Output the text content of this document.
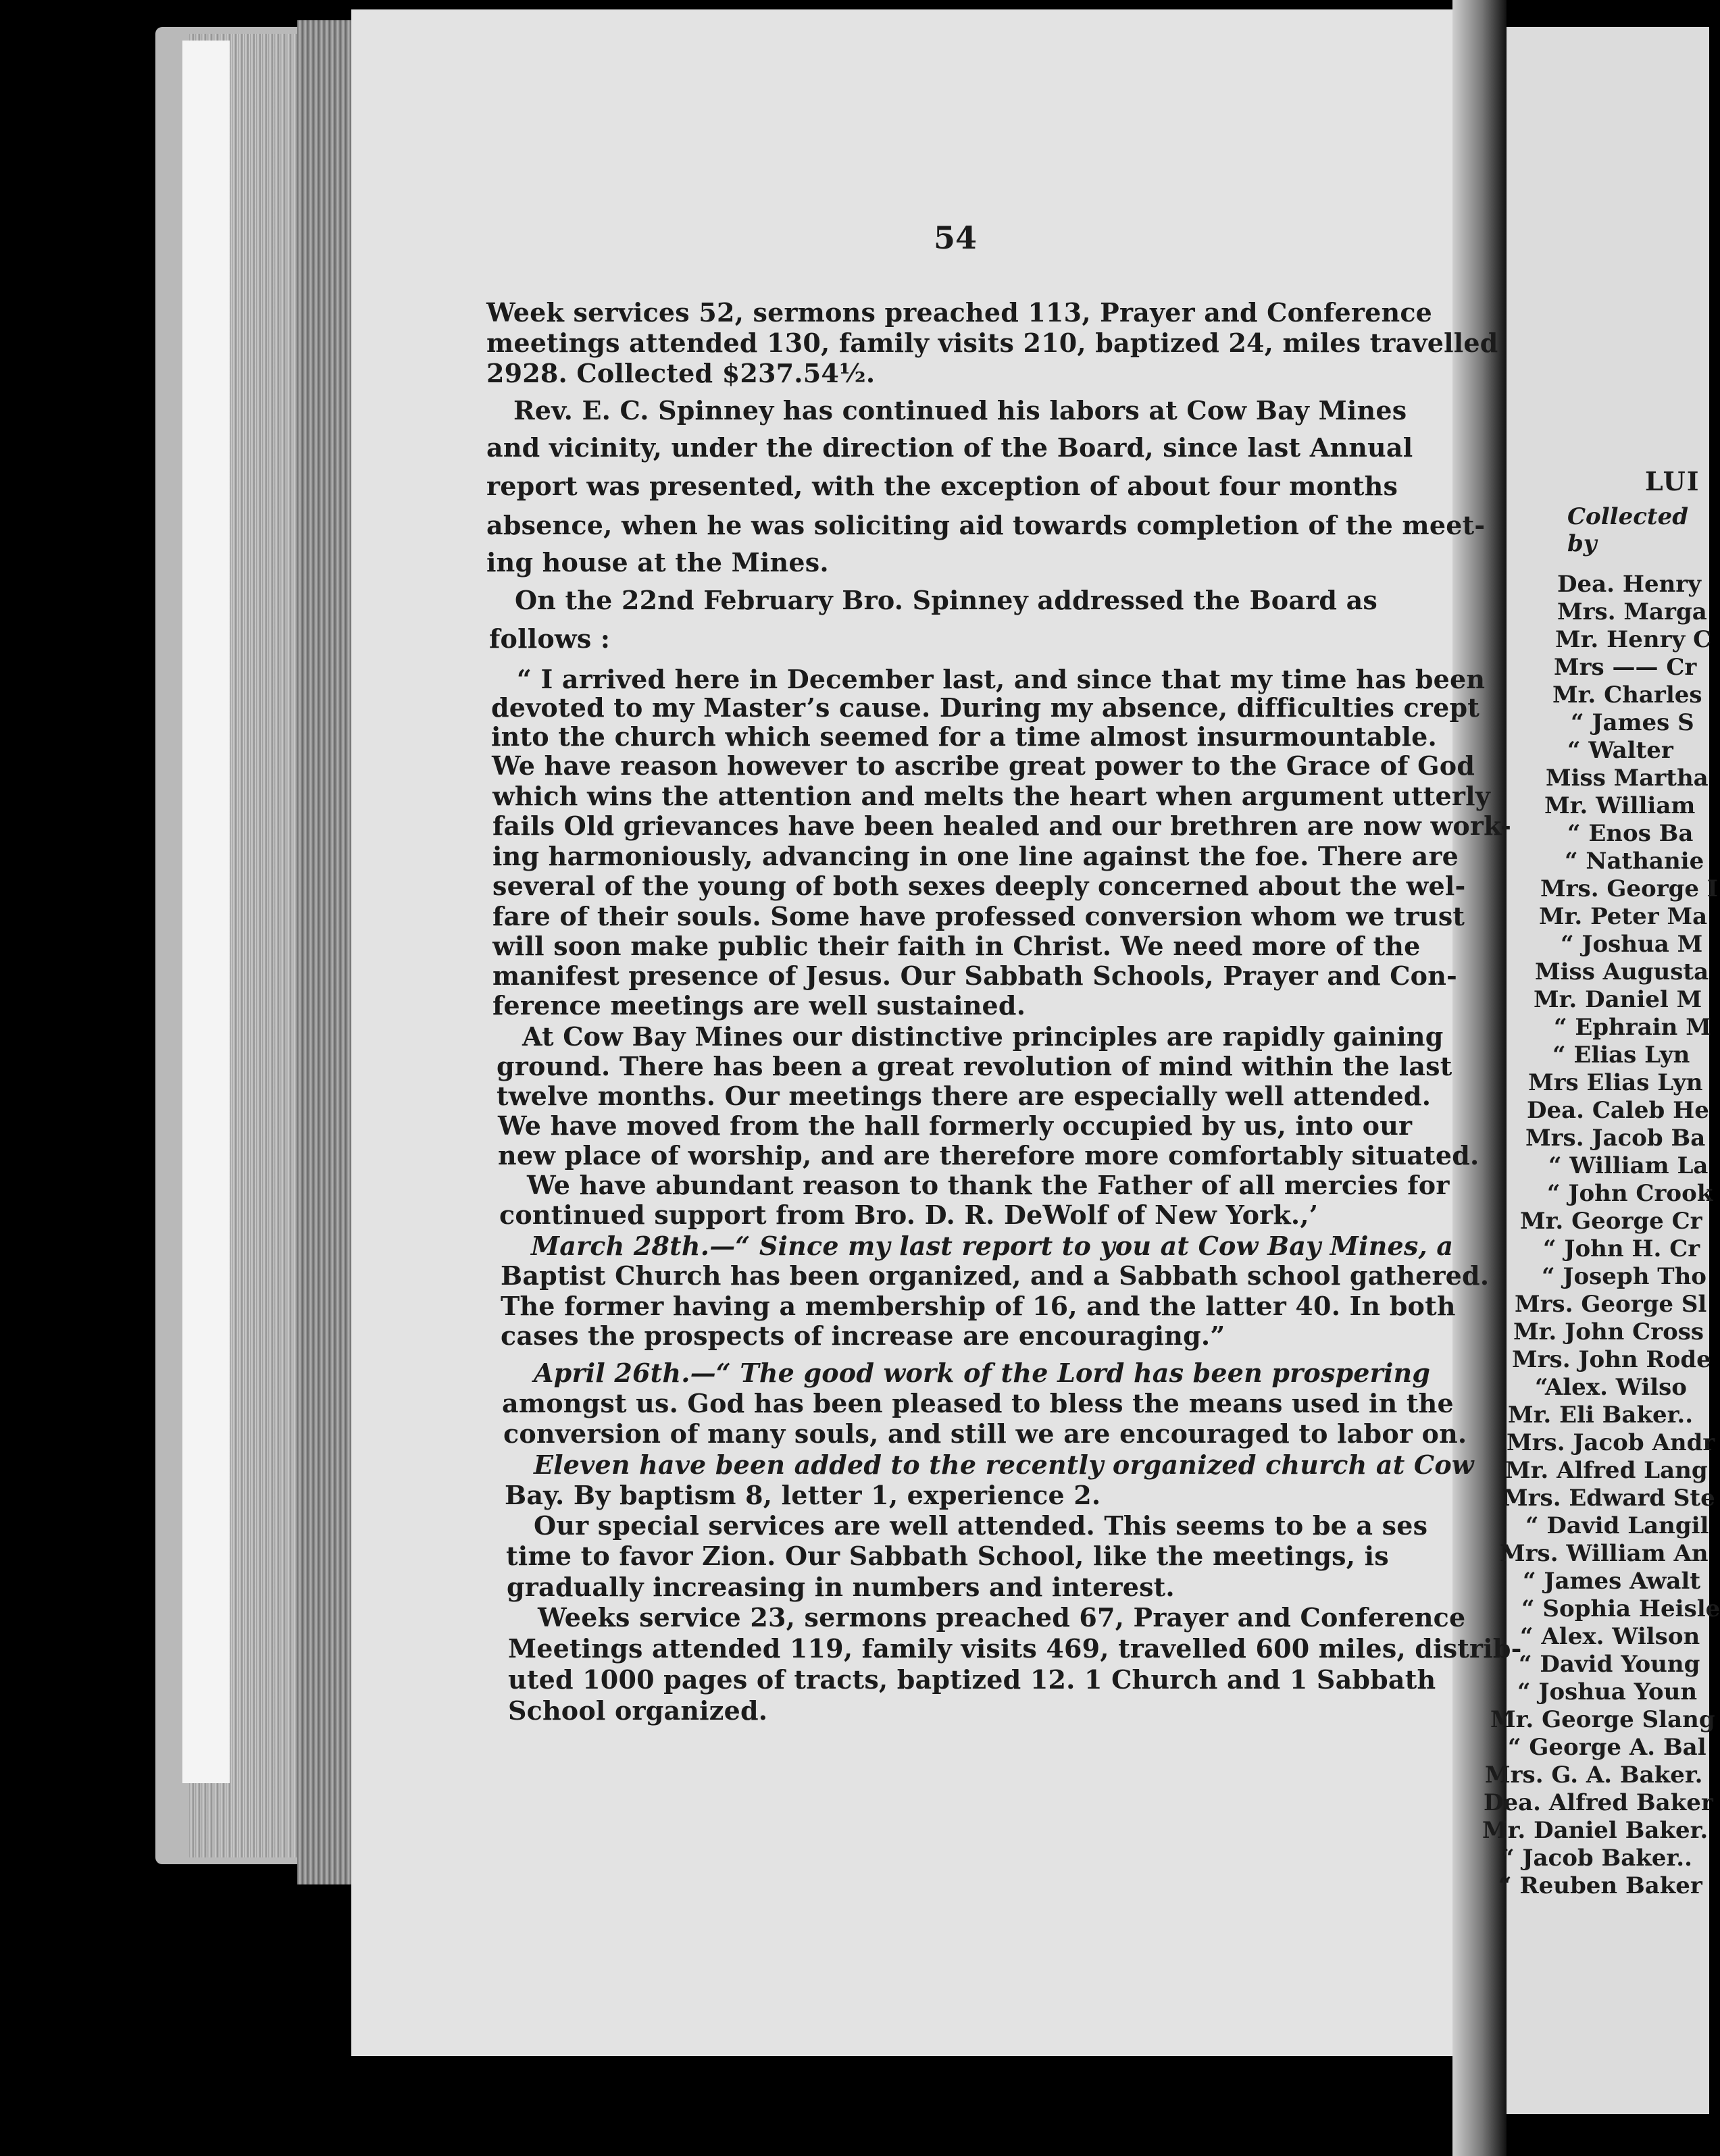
54
Week services 52, sermons preached 113, Prayer and Conference
meetings attended 130, family visits 210, baptized 24, miles travelled
2928. Collected $237.54½.
Rev. E. C. Spinney has continued his labors at Cow Bay Mines
and vicinity, under the direction of the Board, since last Annual
report was presented, with the exception of about four months
absence, when he was soliciting aid towards completion of the meet-
ing house at the Mines.
On the 22nd February Bro. Spinney addressed the Board as
follows :
“ I arrived here in December last, and since that my time has been
devoted to my Master’s cause. During my absence, difficulties crept
into the church which seemed for a time almost insurmountable.
We have reason however to ascribe great power to the Grace of God
which wins the attention and melts the heart when argument utterly
fails Old grievances have been healed and our brethren are now work-
ing harmoniously, advancing in one line against the foe. There are
several of the young of both sexes deeply concerned about the wel-
fare of their souls. Some have professed conversion whom we trust
will soon make public their faith in Christ. We need more of the
manifest presence of Jesus. Our Sabbath Schools, Prayer and Con-
ference meetings are well sustained.
At Cow Bay Mines our distinctive principles are rapidly gaining
ground. There has been a great revolution of mind within the last
twelve months. Our meetings there are especially well attended.
We have moved from the hall formerly occupied by us, into our
new place of worship, and are therefore more comfortably situated.
We have abundant reason to thank the Father of all mercies for
continued support from Bro. D. R. DeWolf of New York.,’
March 28th.—“ Since my last report to you at Cow Bay Mines, a
Baptist Church has been organized, and a Sabbath school gathered.
The former having a membership of 16, and the latter 40. In both
cases the prospects of increase are encouraging.”
April 26th.—“ The good work of the Lord has been prospering
amongst us. God has been pleased to bless the means used in the
conversion of many souls, and still we are encouraged to labor on.
Eleven have been added to the recently organized church at Cow
Bay. By baptism 8, letter 1, experience 2.
Our special services are well attended. This seems to be a ses
time to favor Zion. Our Sabbath School, like the meetings, is
gradually increasing in numbers and interest.
Weeks service 23, sermons preached 67, Prayer and Conference
Meetings attended 119, family visits 469, travelled 600 miles, distrib-
uted 1000 pages of tracts, baptized 12. 1 Church and 1 Sabbath
School organized.
LUI
Collected by
Dea. Henry
Mrs. Marga
Mr. Henry C
Mrs —— Cr
Mr. Charles
“ James S
“ Walter
Miss Martha
Mr. William
“ Enos Ba
“ Nathanie
Mrs. George I
Mr. Peter Ma
“ Joshua M
Miss Augusta
Mr. Daniel M
“ Ephrain M
“ Elias Lyn
Mrs Elias Lyn
Dea. Caleb He
Mrs. Jacob Ba
“ William La
“ John Crook
Mr. George Cr
“ John H. Cr
“ Joseph Tho
Mrs. George Sl
Mr. John Cross
Mrs. John Rode
“Alex. Wilso
Mr. Eli Baker..
Mrs. Jacob Andr
Mr. Alfred Lang
Mrs. Edward Ste
“ David Langil
Mrs. William An
“ James Awalt
“ Sophia Heisle
“ Alex. Wilson
“ David Young
“ Joshua Youn
Mr. George Slang
“ George A. Bal
Mrs. G. A. Baker.
Dea. Alfred Baker
Mr. Daniel Baker.
“ Jacob Baker..
“ Reuben Baker
